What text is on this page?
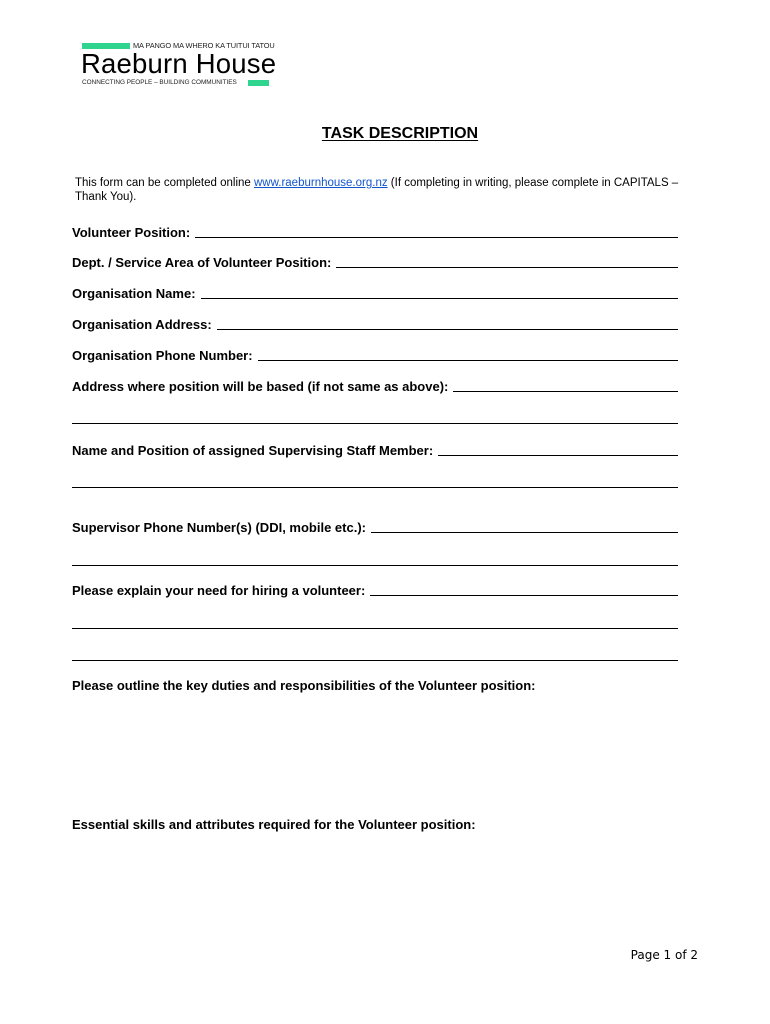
MA PANGO MA WHERO KA TUITUI TATOU
Raeburn House
CONNECTING PEOPLE – BUILDING COMMUNITIES
TASK DESCRIPTION
This form can be completed online www.raeburnhouse.org.nz (If completing in writing, please complete in CAPITALS – Thank You).
Volunteer Position:
Dept. / Service Area of Volunteer Position:
Organisation Name:
Organisation Address:
Organisation Phone Number:
Address where position will be based (if not same as above):
Name and Position of assigned Supervising Staff Member:
Supervisor Phone Number(s) (DDI, mobile etc.):
Please explain your need for hiring a volunteer:
Please outline the key duties and responsibilities of the Volunteer position:
Essential skills and attributes required for the Volunteer position:
Page 1 of 2
